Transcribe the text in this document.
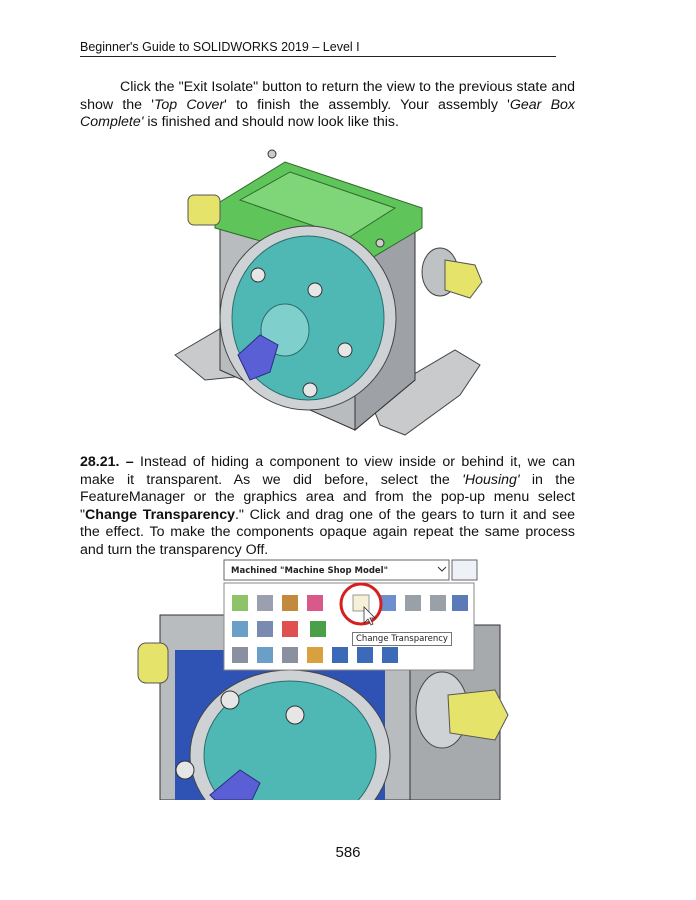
Beginner's Guide to SOLIDWORKS 2019 – Level I
Click the "Exit Isolate" button to return the view to the previous state and show the 'Top Cover' to finish the assembly. Your assembly 'Gear Box Complete' is finished and should now look like this.
28.21. – Instead of hiding a component to view inside or behind it, we can make it transparent. As we did before, select the 'Housing' in the FeatureManager or the graphics area and from the pop-up menu select "Change Transparency." Click and drag one of the gears to turn it and see the effect. To make the components opaque again repeat the same process and turn the transparency Off.
Machined "Machine Shop Model"
Change Transparency
586
